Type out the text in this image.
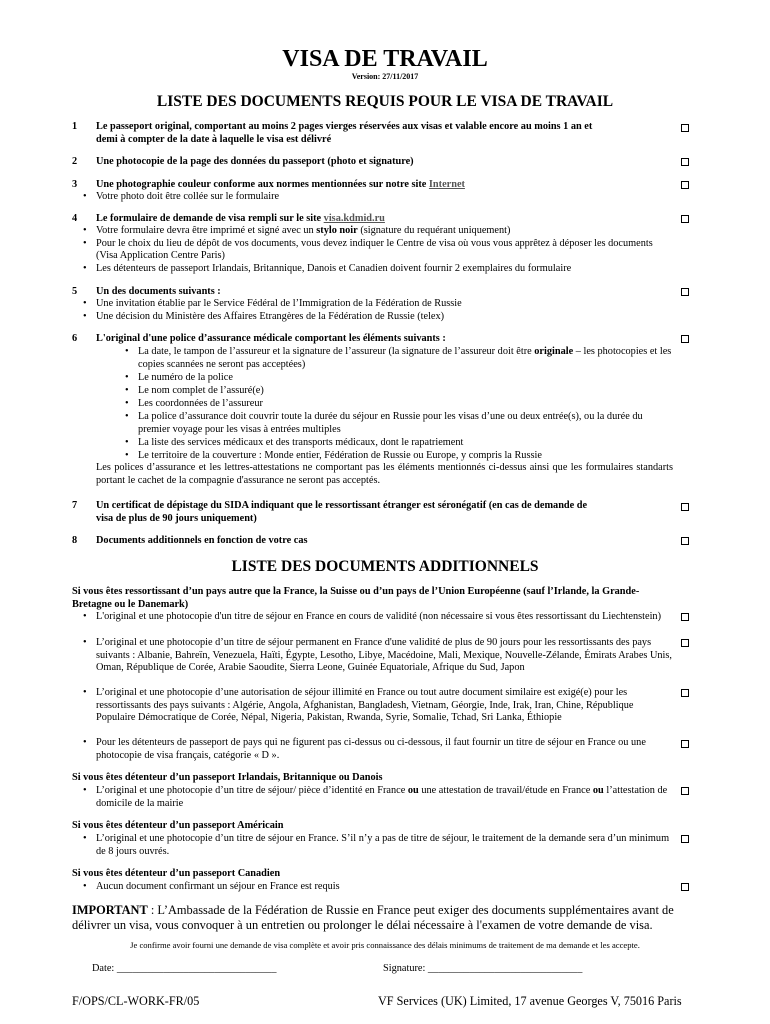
VISA DE TRAVAIL
Version: 27/11/2017
LISTE DES DOCUMENTS REQUIS POUR LE VISA DE TRAVAIL
1 Le passeport original, comportant au moins 2 pages vierges réservées aux visas et valable encore au moins 1 an et

demi à compter de la date à laquelle le visa est délivré

2 Une photocopie de la page des données du passeport (photo et signature)
3 Une photographie couleur conforme aux normes mentionnées sur notre site Internet
• Votre photo doit être collée sur le formulaire
4 Le formulaire de demande de visa rempli sur le site visa.kdmid.ru
• Votre formulaire devra être imprimé et signé avec un stylo noir (signature du requérant uniquement)
• Pour le choix du lieu de dépôt de vos documents, vous devez indiquer le Centre de visa où vous vous apprêtez à déposer les documents (Visa Application Centre Paris)
• Les détenteurs de passeport Irlandais, Britannique, Danois et Canadien doivent fournir 2 exemplaires du formulaire
5 Un des documents suivants :
• Une invitation établie par le Service Fédéral de l’Immigration de la Fédération de Russie
• Une décision du Ministère des Affaires Etrangères de la Fédération de Russie (telex)
6 L'original d'une police d’assurance médicale comportant les éléments suivants :
• La date, le tampon de l’assureur et la signature de l’assureur (la signature de l’assureur doit être originale – les photocopies et les copies scannées ne seront pas acceptées)
• Le numéro de la police
• Le nom complet de l’assuré(e)
• Les coordonnées de l’assureur
• La police d’assurance doit couvrir toute la durée du séjour en Russie pour les visas d’une ou deux entrée(s), ou la durée du premier voyage pour les visas à entrées multiples
• La liste des services médicaux et des transports médicaux, dont le rapatriement
• Le territoire de la couverture : Monde entier, Fédération de Russie ou Europe, y compris la Russie
Les polices d’assurance et les lettres-attestations ne comportant pas les éléments mentionnés ci-dessus ainsi que les formulaires standarts portant le cachet de la compagnie d'assurance ne seront pas acceptés.
7 Un certificat de dépistage du SIDA indiquant que le ressortissant étranger est séronégatif (en cas de demande de

visa de plus de 90 jours uniquement)

8 Documents additionnels en fonction de votre cas
LISTE DES DOCUMENTS ADDITIONNELS
Si vous êtes ressortissant d’un pays autre que la France, la Suisse ou d’un pays de l’Union Européenne (sauf l’Irlande, la Grande-Bretagne ou le Danemark)
• L'original et une photocopie d'un titre de séjour en France en cours de validité (non nécessaire si vous êtes ressortissant du Liechtenstein)
• L’original et une photocopie d’un titre de séjour permanent en France d'une validité de plus de 90 jours pour les ressortissants des pays suivants : Albanie, Bahreïn, Venezuela, Haïti, Égypte, Lesotho, Libye, Macédoine, Mali, Mexique, Nouvelle-Zélande, Émirats Arabes Unis, Oman, République de Corée, Arabie Saoudite, Sierra Leone, Guinée Equatoriale, Afrique du Sud, Japon
• L’original et une photocopie d’une autorisation de séjour illimité en France ou tout autre document similaire est exigé(e) pour les ressortissants des pays suivants : Algérie, Angola, Afghanistan, Bangladesh, Vietnam, Géorgie, Inde, Irak, Iran, Chine, République Populaire Démocratique de Corée, Népal, Nigeria, Pakistan, Rwanda, Syrie, Somalie, Tchad, Sri Lanka, Éthiopie
• Pour les détenteurs de passeport de pays qui ne figurent pas ci-dessus ou ci-dessous, il faut fournir un titre de séjour en France ou une photocopie de visa français, catégorie « D ».
Si vous êtes détenteur d’un passeport Irlandais, Britannique ou Danois
• L’original et une photocopie d’un titre de séjour/ pièce d’identité en France ou une attestation de travail/étude en France ou l’attestation de domicile de la mairie
Si vous êtes détenteur d’un passeport Américain
• L’original et une photocopie d’un titre de séjour en France. S’il n’y a pas de titre de séjour, le traitement de la demande sera d’un minimum de 8 jours ouvrés.
Si vous êtes détenteur d’un passeport Canadien
• Aucun document confirmant un séjour en France est requis
IMPORTANT : L’Ambassade de la Fédération de Russie en France peut exiger des documents supplémentaires avant de délivrer un visa, vous convoquer à un entretien ou prolonger le délai nécessaire à l'examen de votre demande de visa.
Je confirme avoir fourni une demande de visa complète et avoir pris connaissance des délais minimums de traitement de ma demande et les accepte.
Date: _______________________________	Signature: ______________________________
F/OPS/CL-WORK-FR/05	VF Services (UK) Limited, 17 avenue Georges V, 75016 Paris
